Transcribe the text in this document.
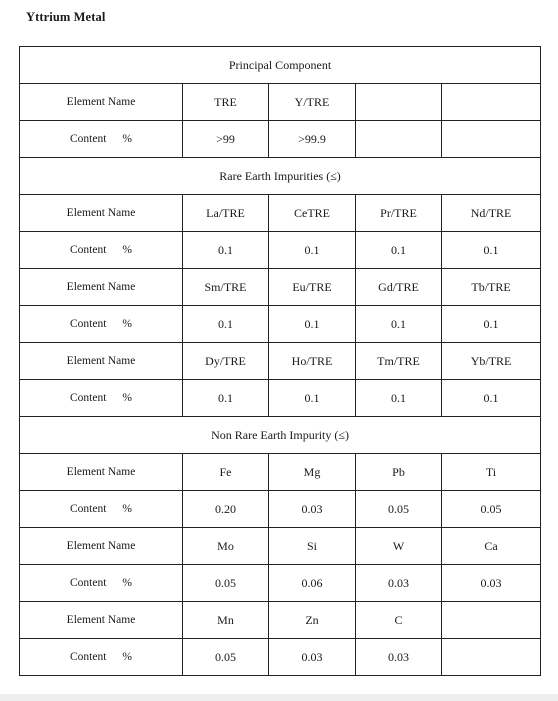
Yttrium Metal
Principal Component				
Element Name	TRE	Y/TRE		
Content %	>99	>99.9		
Rare Earth Impurities (≤)				
Element Name	La/TRE	CeTRE	Pr/TRE	Nd/TRE
Content %	0.1	0.1	0.1	0.1
Element Name	Sm/TRE	Eu/TRE	Gd/TRE	Tb/TRE
Content %	0.1	0.1	0.1	0.1
Element Name	Dy/TRE	Ho/TRE	Tm/TRE	Yb/TRE
Content %	0.1	0.1	0.1	0.1
Non Rare Earth Impurity (≤)				
Element Name	Fe	Mg	Pb	Ti
Content %	0.20	0.03	0.05	0.05
Element Name	Mo	Si	W	Ca
Content %	0.05	0.06	0.03	0.03
Element Name	Mn	Zn	C	
Content %	0.05	0.03	0.03	
